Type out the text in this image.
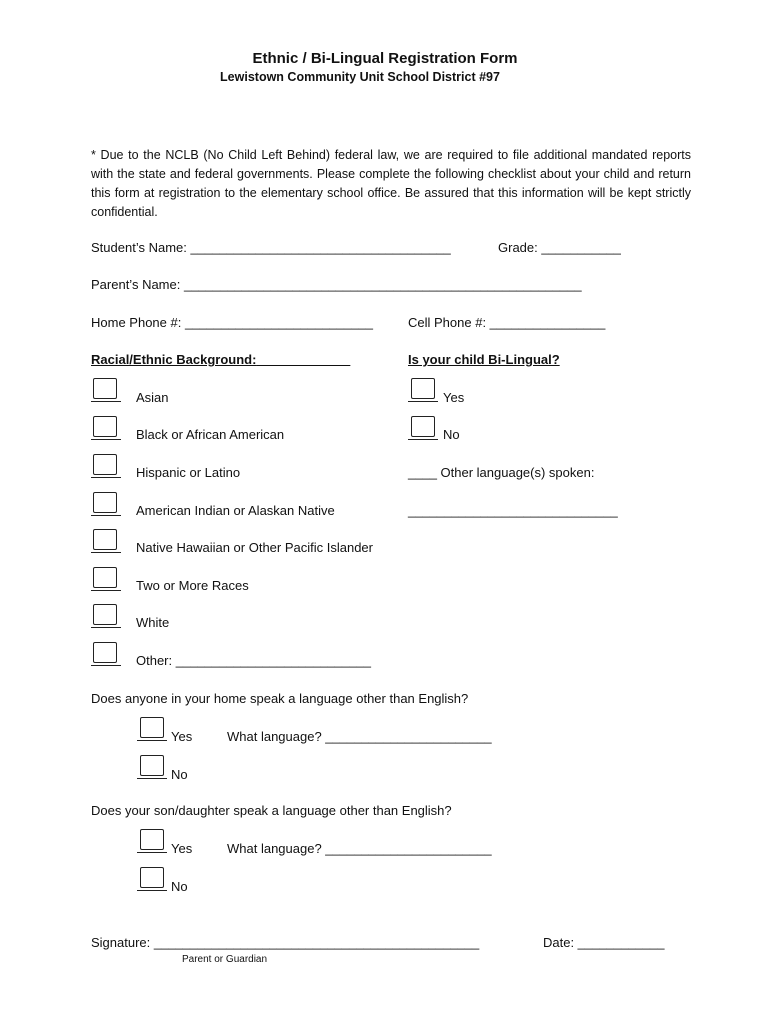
Ethnic / Bi-Lingual Registration Form
Lewistown Community Unit School District #97
* Due to the NCLB (No Child Left Behind) federal law, we are required to file additional mandated reports with the state and federal governments. Please complete the following checklist about your child and return this form at registration to the elementary school office. Be assured that this information will be kept strictly confidential.
Student’s Name: ____________________________________	Grade: ___________
Parent’s Name: _______________________________________________________
Home Phone #: __________________________	Cell Phone #: ________________
Racial/Ethnic Background:	Is your child Bi-Lingual?
Asian
Black or African American
Hispanic or Latino
American Indian or Alaskan Native
Native Hawaiian or Other Pacific Islander
Two or More Races
White
Other: ___________________________
Yes
No
____ Other language(s) spoken:
_____________________________
Does anyone in your home speak a language other than English?
Yes	What language? _______________________
No
Does your son/daughter speak a language other than English?
Yes	What language? _______________________
No
Signature: _____________________________________________
Parent or Guardian
Date: ____________
